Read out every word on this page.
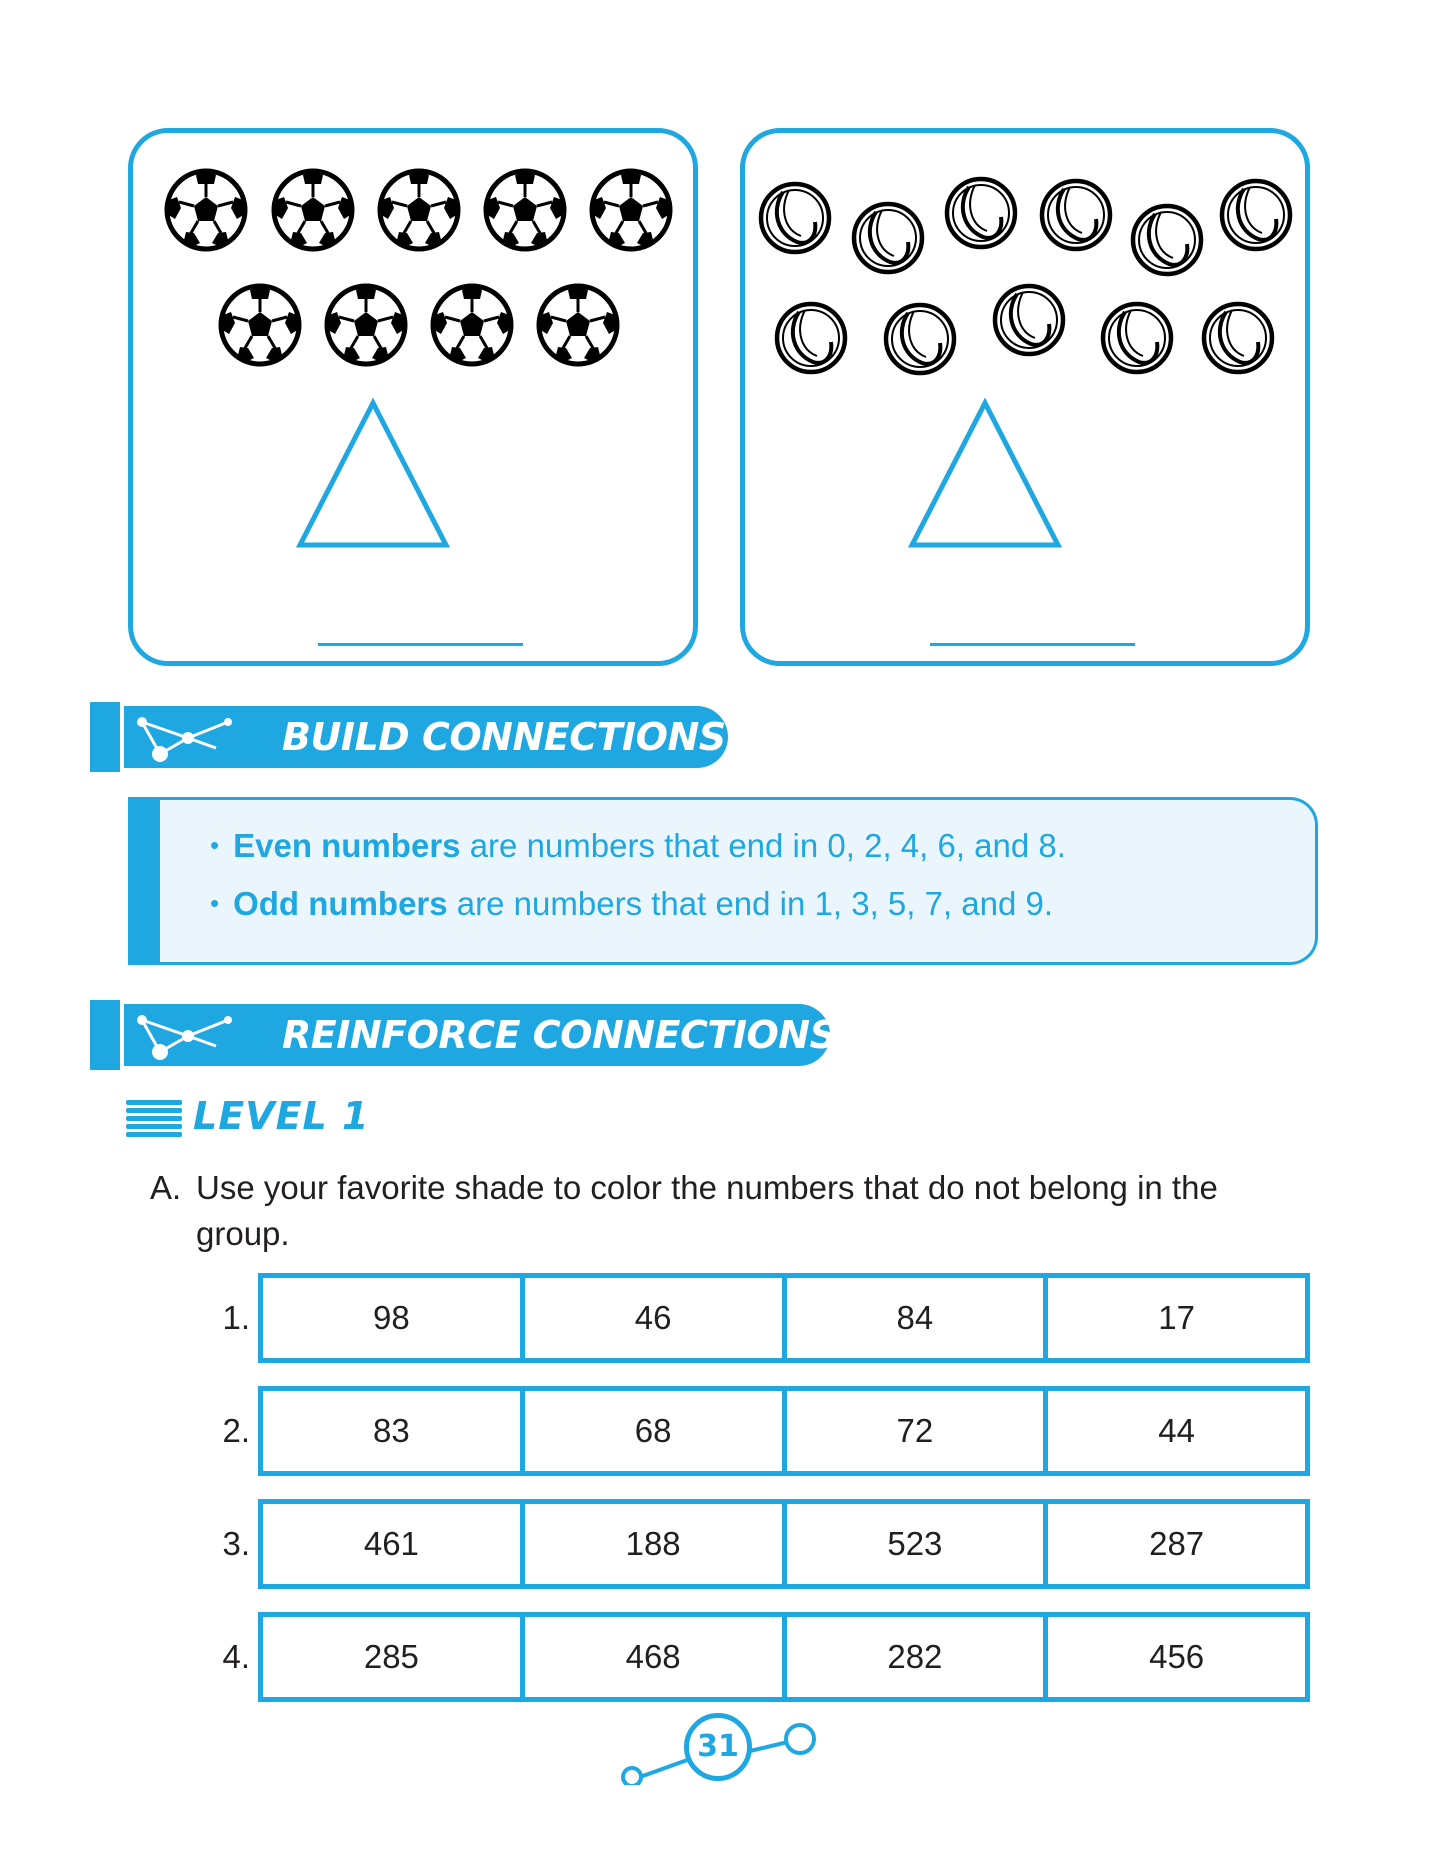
BUILD CONNECTIONS
• Even numbers are numbers that end in 0, 2, 4, 6, and 8.
• Odd numbers are numbers that end in 1, 3, 5, 7, and 9.
REINFORCE CONNECTIONS
LEVEL 1
A. Use your favorite shade to color the numbers that do not belong in the
group.
1.	98	46	84	17
2.	83	68	72	44
3.	461	188	523	287
4.	285	468	282	456
31
